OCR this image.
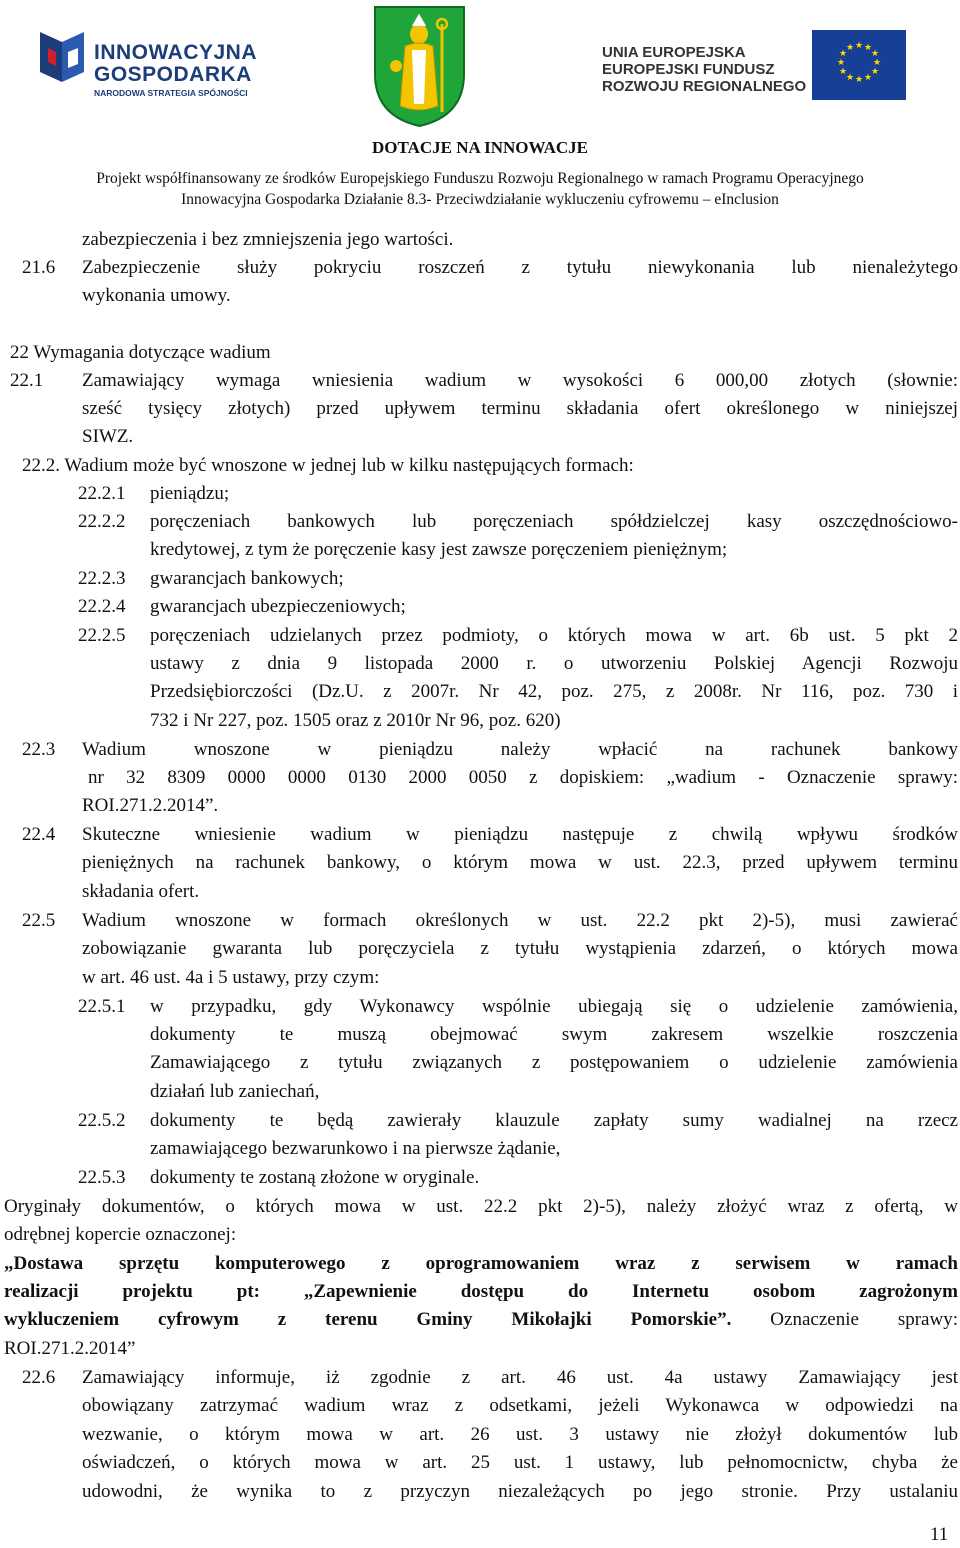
INNOWACYJNA
GOSPODARKA
NARODOWA STRATEGIA SPÓJNOŚCI
UNIA EUROPEJSKA
EUROPEJSKI FUNDUSZ
ROZWOJU REGIONALNEGO
★ ★
★
★
★
★
★
★
★
★
★
★
DOTACJE NA INNOWACJE
Projekt współfinansowany ze środków Europejskiego Funduszu Rozwoju Regionalnego w ramach Programu Operacyjnego
Innowacyjna Gospodarka Działanie 8.3- Przeciwdziałanie wykluczeniu cyfrowemu – eInclusion
zabezpieczenia i bez zmniejszenia jego wartości.
21.6 Zabezpieczenie służy pokryciu roszczeń z tytułu niewykonania lub nienależytego
wykonania umowy.
22 Wymagania dotyczące wadium
22.1 Zamawiający wymaga wniesienia wadium w wysokości 6 000,00 złotych (słownie:
sześć tysięcy złotych) przed upływem terminu składania ofert określonego w niniejszej
SIWZ.
22.2. Wadium może być wnoszone w jednej lub w kilku następujących formach:
22.2.1 pieniądzu;
22.2.2 poręczeniach bankowych lub poręczeniach spółdzielczej kasy oszczędnościowo-
kredytowej, z tym że poręczenie kasy jest zawsze poręczeniem pieniężnym;
22.2.3 gwarancjach bankowych;
22.2.4 gwarancjach ubezpieczeniowych;
22.2.5 poręczeniach udzielanych przez podmioty, o których mowa w art. 6b ust. 5 pkt 2
ustawy z dnia 9 listopada 2000 r. o utworzeniu Polskiej Agencji Rozwoju
Przedsiębiorczości (Dz.U. z 2007r. Nr 42, poz. 275, z 2008r. Nr 116, poz. 730 i
732 i Nr 227, poz. 1505 oraz z 2010r Nr 96, poz. 620)
22.3 Wadium wnoszone w pieniądzu należy wpłacić na rachunek bankowy
nr 32 8309 0000 0000 0130 2000 0050 z dopiskiem: „wadium - Oznaczenie sprawy:
ROI.271.2.2014”.
22.4 Skuteczne wniesienie wadium w pieniądzu następuje z chwilą wpływu środków
pieniężnych na rachunek bankowy, o którym mowa w ust. 22.3, przed upływem terminu
składania ofert.
22.5 Wadium wnoszone w formach określonych w ust. 22.2 pkt 2)-5), musi zawierać
zobowiązanie gwaranta lub poręczyciela z tytułu wystąpienia zdarzeń, o których mowa
w art. 46 ust. 4a i 5 ustawy, przy czym:
22.5.1 w przypadku, gdy Wykonawcy wspólnie ubiegają się o udzielenie zamówienia,
dokumenty te muszą obejmować swym zakresem wszelkie roszczenia
Zamawiającego z tytułu związanych z postępowaniem o udzielenie zamówienia
działań lub zaniechań,
22.5.2 dokumenty te będą zawierały klauzule zapłaty sumy wadialnej na rzecz
zamawiającego bezwarunkowo i na pierwsze żądanie,
22.5.3 dokumenty te zostaną złożone w oryginale.
Oryginały dokumentów, o których mowa w ust. 22.2 pkt 2)-5), należy złożyć wraz z ofertą, w
odrębnej kopercie oznaczonej:
„Dostawa sprzętu komputerowego z oprogramowaniem wraz z serwisem w ramach
realizacji projektu pt: „Zapewnienie dostępu do Internetu osobom zagrożonym
wykluczeniem cyfrowym z terenu Gminy Mikołajki Pomorskie”. Oznaczenie sprawy:
ROI.271.2.2014”
22.6 Zamawiający informuje, iż zgodnie z art. 46 ust. 4a ustawy Zamawiający jest
obowiązany zatrzymać wadium wraz z odsetkami, jeżeli Wykonawca w odpowiedzi na
wezwanie, o którym mowa w art. 26 ust. 3 ustawy nie złożył dokumentów lub
oświadczeń, o których mowa w art. 25 ust. 1 ustawy, lub pełnomocnictw, chyba że
udowodni, że wynika to z przyczyn niezależących po jego stronie. Przy ustalaniu
11
